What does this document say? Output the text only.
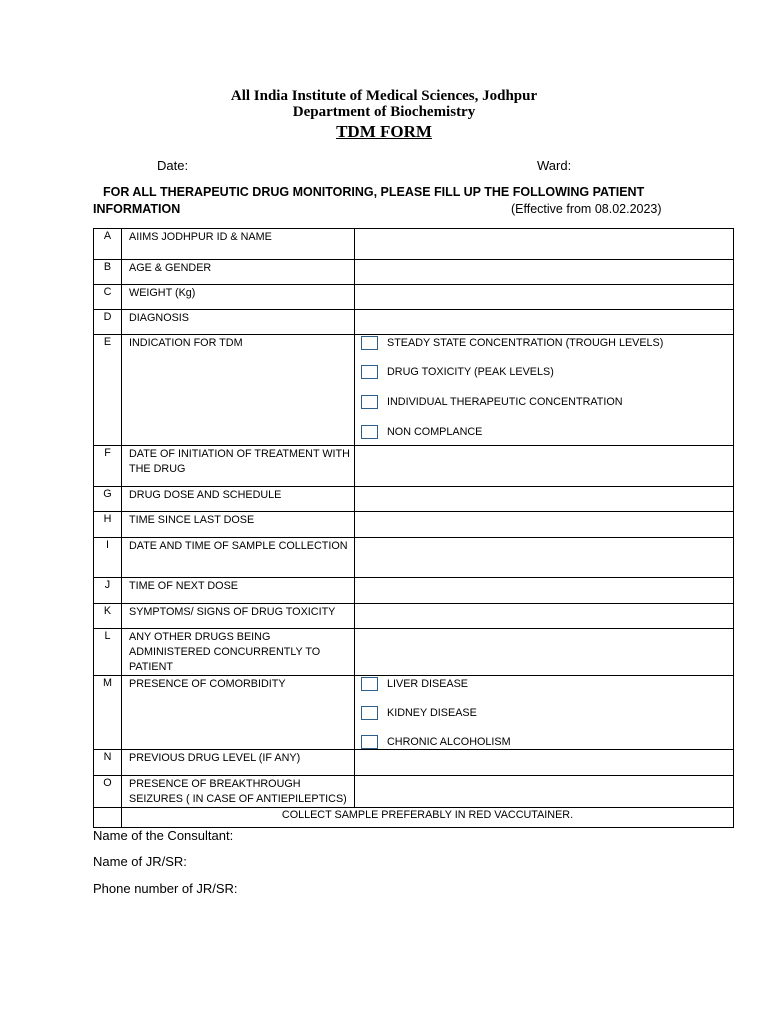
All India Institute of Medical Sciences, Jodhpur
Department of Biochemistry
TDM FORM
Date:	Ward:
FOR ALL THERAPEUTIC DRUG MONITORING, PLEASE FILL UP THE FOLLOWING PATIENT
INFORMATION	(Effective from 08.02.2023)
A	AIIMS JODHPUR ID & NAME	
B	AGE & GENDER	
C	WEIGHT (Kg)	
D	DIAGNOSIS	
E	INDICATION FOR TDM	STEADY STATE CONCENTRATION (TROUGH LEVELS)
DRUG TOXICITY (PEAK LEVELS)
INDIVIDUAL THERAPEUTIC CONCENTRATION
NON COMPLANCE

F	DATE OF INITIATION OF TREATMENT WITH THE DRUG	
G	DRUG DOSE AND SCHEDULE	
H	TIME SINCE LAST DOSE	
I	DATE AND TIME OF SAMPLE COLLECTION	
J	TIME OF NEXT DOSE	
K	SYMPTOMS/ SIGNS OF DRUG TOXICITY	
L	ANY OTHER DRUGS BEING ADMINISTERED CONCURRENTLY TO PATIENT	
M	PRESENCE OF COMORBIDITY	LIVER DISEASE
KIDNEY DISEASE
CHRONIC ALCOHOLISM

N	PREVIOUS DRUG LEVEL (IF ANY)	
O	PRESENCE OF BREAKTHROUGH SEIZURES ( IN CASE OF ANTIEPILEPTICS)	
	COLLECT SAMPLE PREFERABLY IN RED VACCUTAINER.	
Name of the Consultant:
Name of JR/SR:
Phone number of JR/SR:
